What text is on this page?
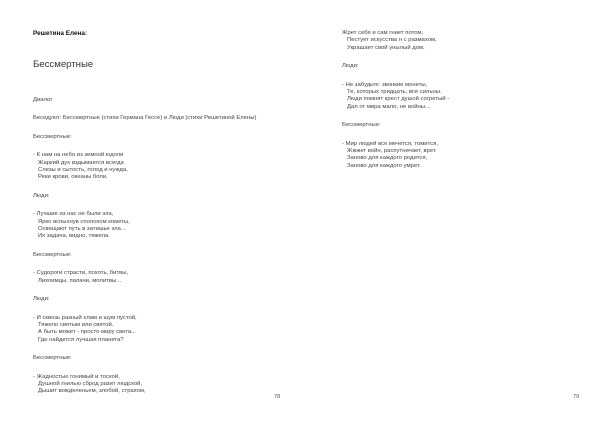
Решетина Елена:
Бессмертные
Диалог
Беседуют: Бессмертные (стихи Германа Гессе) и Люди (стихи Решетиной Елены)
Бессмертные:
- К нам на небо из земной юдоли
Жаркий дух вздымается всегда
Слезы и сытость, голод и нужда,
Реки крови, океаны боли.
Люди:
- Лучшие из нас не были зла,
Ярко вспыхнув сполохом кометы,
Освещают путь в затишье зла...
Их задача, видно, тяжела.
Бессмертные:
- Судороги страсти, похоть, битвы,
Лихоимцы, палачи, молитвы...
Люди:
- И сквозь разный хлам и шум пустой,
Тяжело святым или святой.
А быть может - просто миру света...
Где найдется лучшая планета?
Бессмертные:
- Жадностью гонимый и тоской,
Душной гнилью сброд разит людской,
Дышит вожделеньем, злобой, страхом,
78
Жрет себя и сам гниет потом,
Пестует искусства н с размахом,
Украшает свой унылый дом.
Люди:
- Не забудьте: звонкие монеты,
Те, которых тридцать, все сильны.
Люди помнят крест душой согретый -
Дал от мира мало, не войны...
Бессмертные:
- Мир людей все мечется, томится,
Жжжет войн, распутничает, врет.
Заново для каждого родится,
Заново для каждого умрет.
79
